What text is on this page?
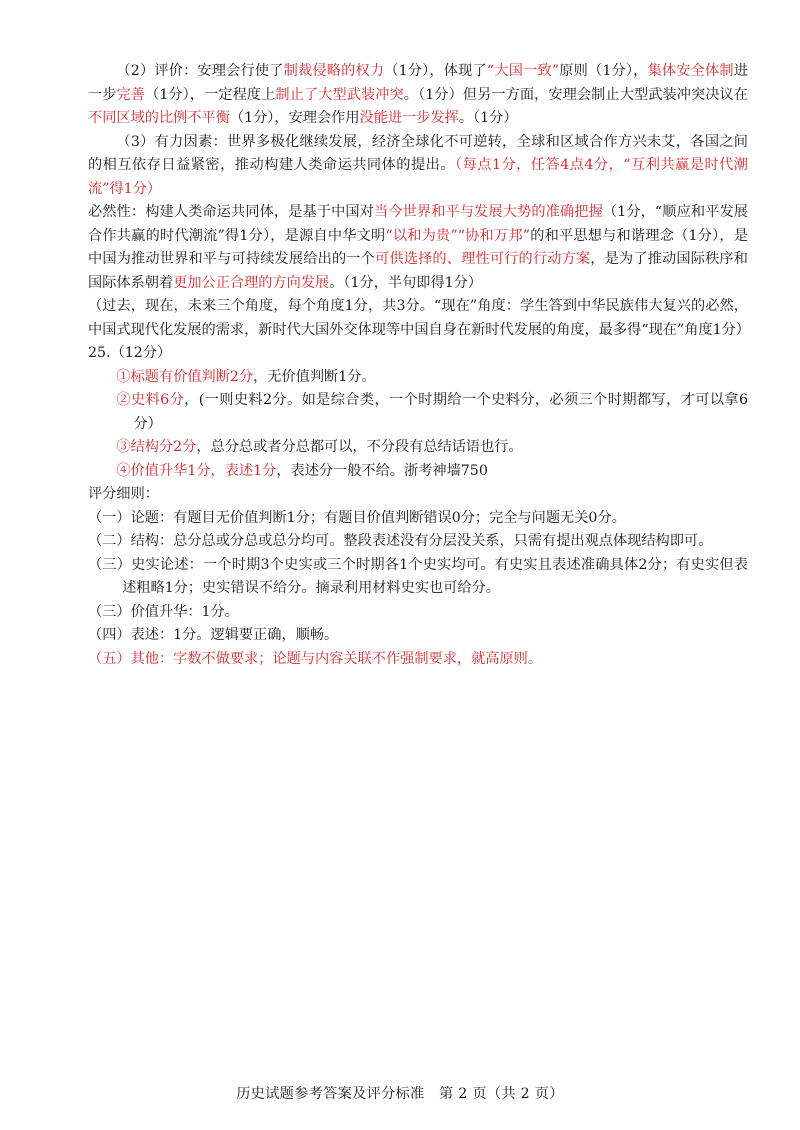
（2）评价：安理会行使了制裁侵略的权力（1分），体现了“大国一致”原则（1分），集体安全体制进一步完善（1分），一定程度上制止了大型武装冲突。（1分）但另一方面，安理会制止大型武装冲突决议在不同区域的比例不平衡（1分），安理会作用没能进一步发挥。（1分）

（3）有力因素：世界多极化继续发展，经济全球化不可逆转，全球和区域合作方兴未艾，各国之间的相互依存日益紧密，推动构建人类命运共同体的提出。（每点1分，任答4点4分，“互利共赢是时代潮流”得1分）

必然性：构建人类命运共同体，是基于中国对当今世界和平与发展大势的准确把握（1分，“顺应和平发展合作共赢的时代潮流”得1分），是源自中华文明“以和为贵”“协和万邦”的和平思想与和谐理念（1分），是中国为推动世界和平与可持续发展给出的一个可供选择的、理性可行的行动方案，是为了推动国际秩序和国际体系朝着更加公正合理的方向发展。（1分，半句即得1分）

（过去，现在，未来三个角度，每个角度1分，共3分。“现在”角度：学生答到中华民族伟大复兴的必然，中国式现代化发展的需求，新时代大国外交体现等中国自身在新时代发展的角度，最多得“现在”角度1分）

25.（12分）

①标题有价值判断2分，无价值判断1分。

②史料6分，(一则史料2分。如是综合类，一个时期给一个史料分，必须三个时期都写，才可以拿6分）

③结构分2分，总分总或者分总都可以，不分段有总结话语也行。

④价值升华1分，表述1分，表述分一般不给。浙考神墙750

评分细则：

（一）论题：有题目无价值判断1分；有题目价值判断错误0分；完全与问题无关0分。

（二）结构：总分总或分总或总分均可。整段表述没有分层没关系，只需有提出观点体现结构即可。

（三）史实论述：一个时期3个史实或三个时期各1个史实均可。有史实且表述准确具体2分；有史实但表述粗略1分；史实错误不给分。摘录利用材料史实也可给分。

（三）价值升华：1分。

（四）表述：1分。逻辑要正确，顺畅。

（五）其他：字数不做要求；论题与内容关联不作强制要求，就高原则。

历史试题参考答案及评分标准 第 2 页（共 2 页）
